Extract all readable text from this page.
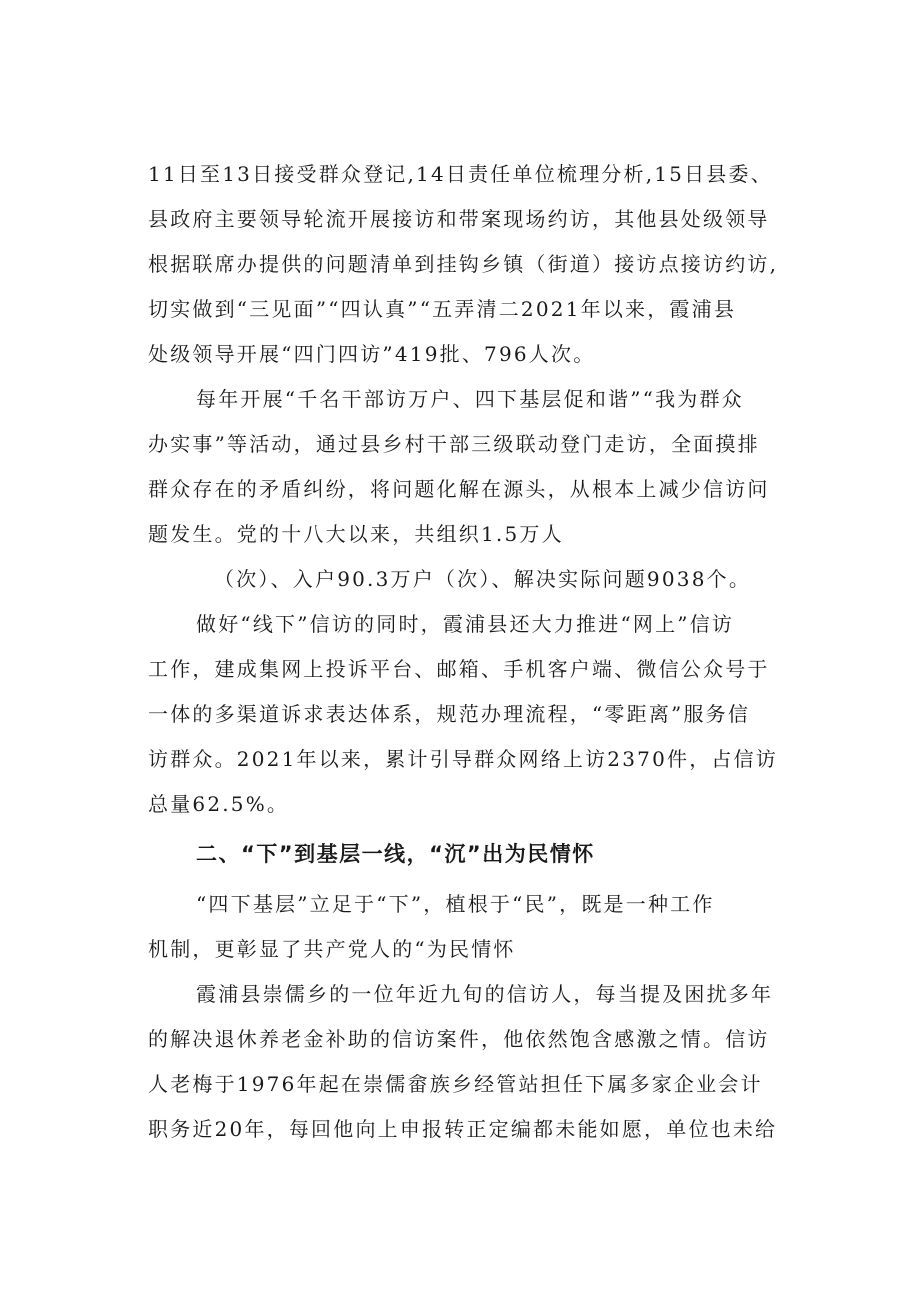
11日至13日接受群众登记,14日责任单位梳理分析,15日县委、
县政府主要领导轮流开展接访和带案现场约访，其他县处级领导
根据联席办提供的问题清单到挂钩乡镇（街道）接访点接访约访,
切实做到“三见面”“四认真”“五弄清二2021年以来，霞浦县
处级领导开展“四门四访”419批、796人次。
每年开展“千名干部访万户、四下基层促和谐”“我为群众
办实事”等活动，通过县乡村干部三级联动登门走访，全面摸排
群众存在的矛盾纠纷，将问题化解在源头，从根本上减少信访问
题发生。党的十八大以来，共组织1.5万人
（次）、入户90.3万户（次）、解决实际问题9038个。
做好“线下”信访的同时，霞浦县还大力推进“网上”信访
工作，建成集网上投诉平台、邮箱、手机客户端、微信公众号于
一体的多渠道诉求表达体系，规范办理流程，“零距离”服务信
访群众。2021年以来，累计引导群众网络上访2370件，占信访
总量62.5%。
二、“下”到基层一线，“沉”出为民情怀
“四下基层”立足于“下”，植根于“民”，既是一种工作
机制，更彰显了共产党人的“为民情怀
霞浦县崇儒乡的一位年近九旬的信访人，每当提及困扰多年
的解决退休养老金补助的信访案件，他依然饱含感激之情。信访
人老梅于1976年起在崇儒畲族乡经管站担任下属多家企业会计
职务近20年，每回他向上申报转正定编都未能如愿，单位也未给
